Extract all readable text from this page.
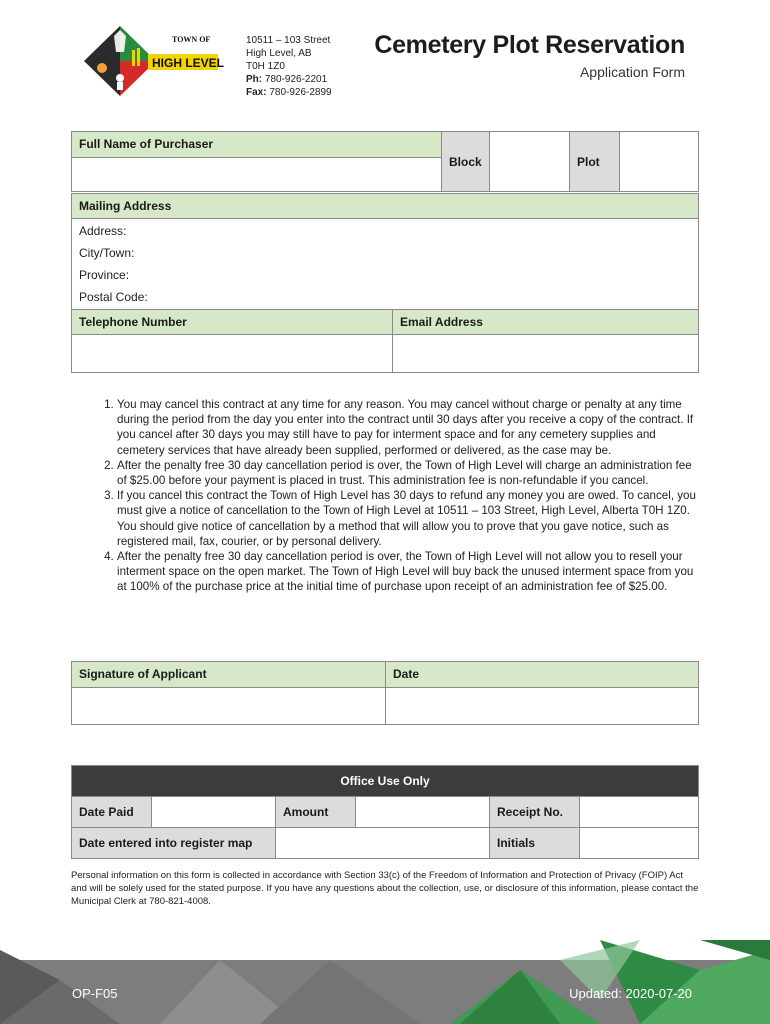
TOWN OF
HIGH LEVEL
10511 – 103 Street
High Level, AB
T0H 1Z0
Ph: 780-926-2201
Fax: 780-926-2899
Cemetery Plot Reservation
Application Form
Full Name of Purchaser	Block		Plot	

Mailing Address

Address:
City/Town:
Province:
Postal Code:
Telephone Number	Email Address

1. You may cancel this contract at any time for any reason. You may cancel without charge or penalty at any time during the period from the day you enter into the contract until 30 days after you receive a copy of the contract. If you cancel after 30 days you may still have to pay for interment space and for any cemetery supplies and cemetery services that have already been supplied, performed or delivered, as the case may be.
2. After the penalty free 30 day cancellation period is over, the Town of High Level will charge an administration fee of $25.00 before your payment is placed in trust. This administration fee is non-refundable if you cancel.
3. If you cancel this contract the Town of High Level has 30 days to refund any money you are owed. To cancel, you must give a notice of cancellation to the Town of High Level at 10511 – 103 Street, High Level, Alberta T0H 1Z0. You should give notice of cancellation by a method that will allow you to prove that you gave notice, such as registered mail, fax, courier, or by personal delivery.
4. After the penalty free 30 day cancellation period is over, the Town of High Level will not allow you to resell your interment space on the open market. The Town of High Level will buy back the unused interment space from you at 100% of the purchase price at the initial time of purchase upon receipt of an administration fee of $25.00.
Signature of Applicant	Date

Office Use Only					
Date Paid		Amount		Receipt No.	
Date entered into register map				Initials	
Personal information on this form is collected in accordance with Section 33(c) of the Freedom of Information and Protection of Privacy (FOIP) Act and will be solely used for the stated purpose. If you have any questions about the collection, use, or disclosure of this information, please contact the Municipal Clerk at 780-821-4008.
OP-F05	Updated: 2020-07-20
